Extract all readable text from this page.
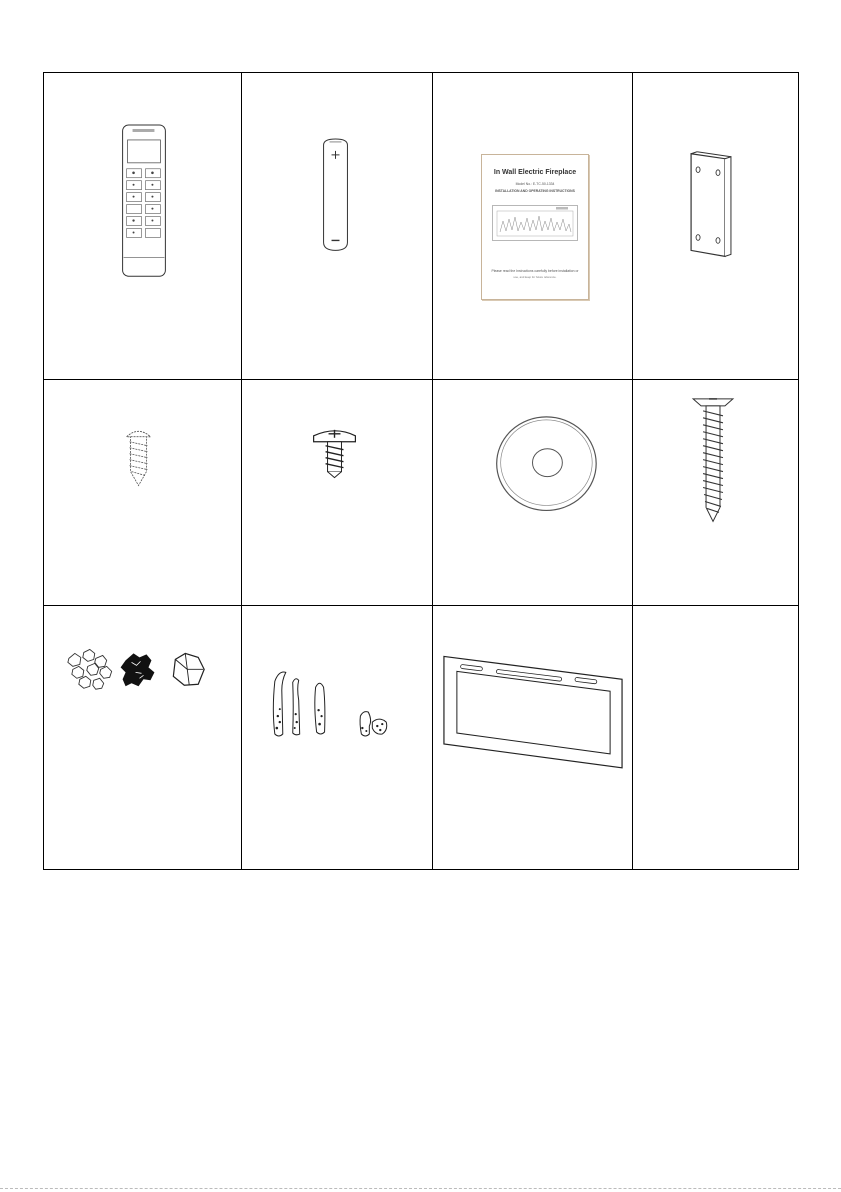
In Wall Electric Fireplace
Model No.: E-TC-50-1334
INSTALLATION AND OPERATING INSTRUCTIONS
Please read the Instructions carefully before installation or
use, and keep for future reference.
